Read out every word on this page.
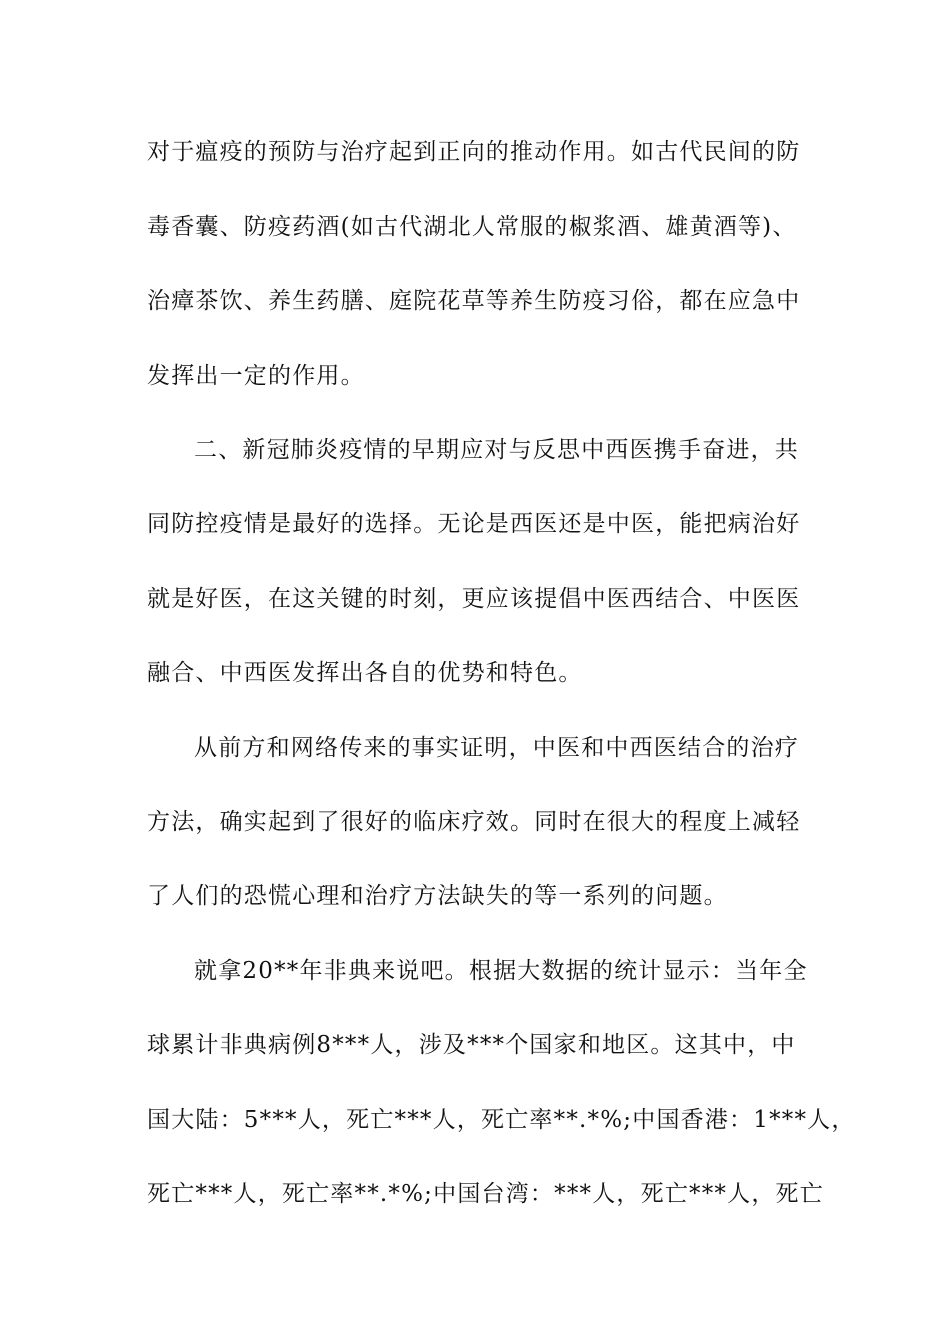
对于瘟疫的预防与治疗起到正向的推动作用。如古代民间的防
毒香囊、防疫药酒(如古代湖北人常服的椒浆酒、雄黄酒等)、
治瘴茶饮、养生药膳、庭院花草等养生防疫习俗，都在应急中
发挥出一定的作用。
二、新冠肺炎疫情的早期应对与反思中西医携手奋进，共
同防控疫情是最好的选择。无论是西医还是中医，能把病治好
就是好医，在这关键的时刻，更应该提倡中医西结合、中医医
融合、中西医发挥出各自的优势和特色。
从前方和网络传来的事实证明，中医和中西医结合的治疗
方法，确实起到了很好的临床疗效。同时在很大的程度上减轻
了人们的恐慌心理和治疗方法缺失的等一系列的问题。
就拿20**年非典来说吧。根据大数据的统计显示：当年全
球累计非典病例8***人，涉及***个国家和地区。这其中，中
国大陆：5***人，死亡***人，死亡率**.*%;中国香港：1***人，
死亡***人，死亡率**.*%;中国台湾：***人，死亡***人，死亡
